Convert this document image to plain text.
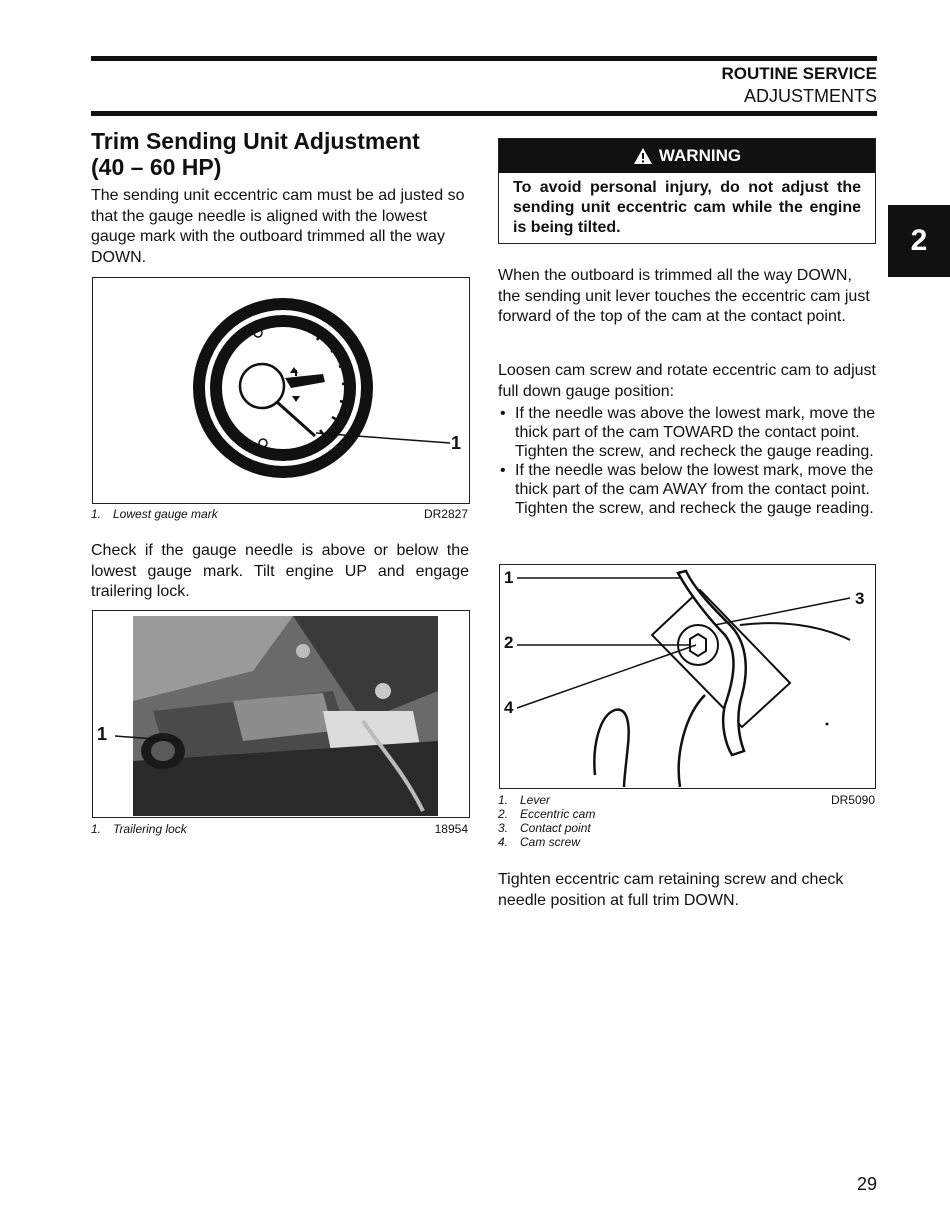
ROUTINE SERVICE
ADJUSTMENTS
2
Trim Sending Unit Adjustment
(40 – 60 HP)
The sending unit eccentric cam must be ad justed so that the gauge needle is aligned with the lowest gauge mark with the outboard trimmed all the way DOWN.
1
1. Lowest gauge mark	DR2827
Check if the gauge needle is above or below the lowest gauge mark. Tilt engine UP and engage trailering lock.
1
1. Trailering lock	18954
WARNING
To avoid personal injury, do not adjust the sending unit eccentric cam while the engine is being tilted.
When the outboard is trimmed all the way DOWN, the sending unit lever touches the eccentric cam just forward of the top of the cam at the contact point.
Loosen cam screw and rotate eccentric cam to adjust full down gauge position:
• If the needle was above the lowest mark, move the thick part of the cam TOWARD the contact point. Tighten the screw, and recheck the gauge reading.
• If the needle was below the lowest mark, move the thick part of the cam AWAY from the contact point. Tighten the screw, and recheck the gauge reading.
1
2
3
4
1. Lever
2. Eccentric cam
3. Contact point
4. Cam screw
DR5090
Tighten eccentric cam retaining screw and check needle position at full trim DOWN.
29
